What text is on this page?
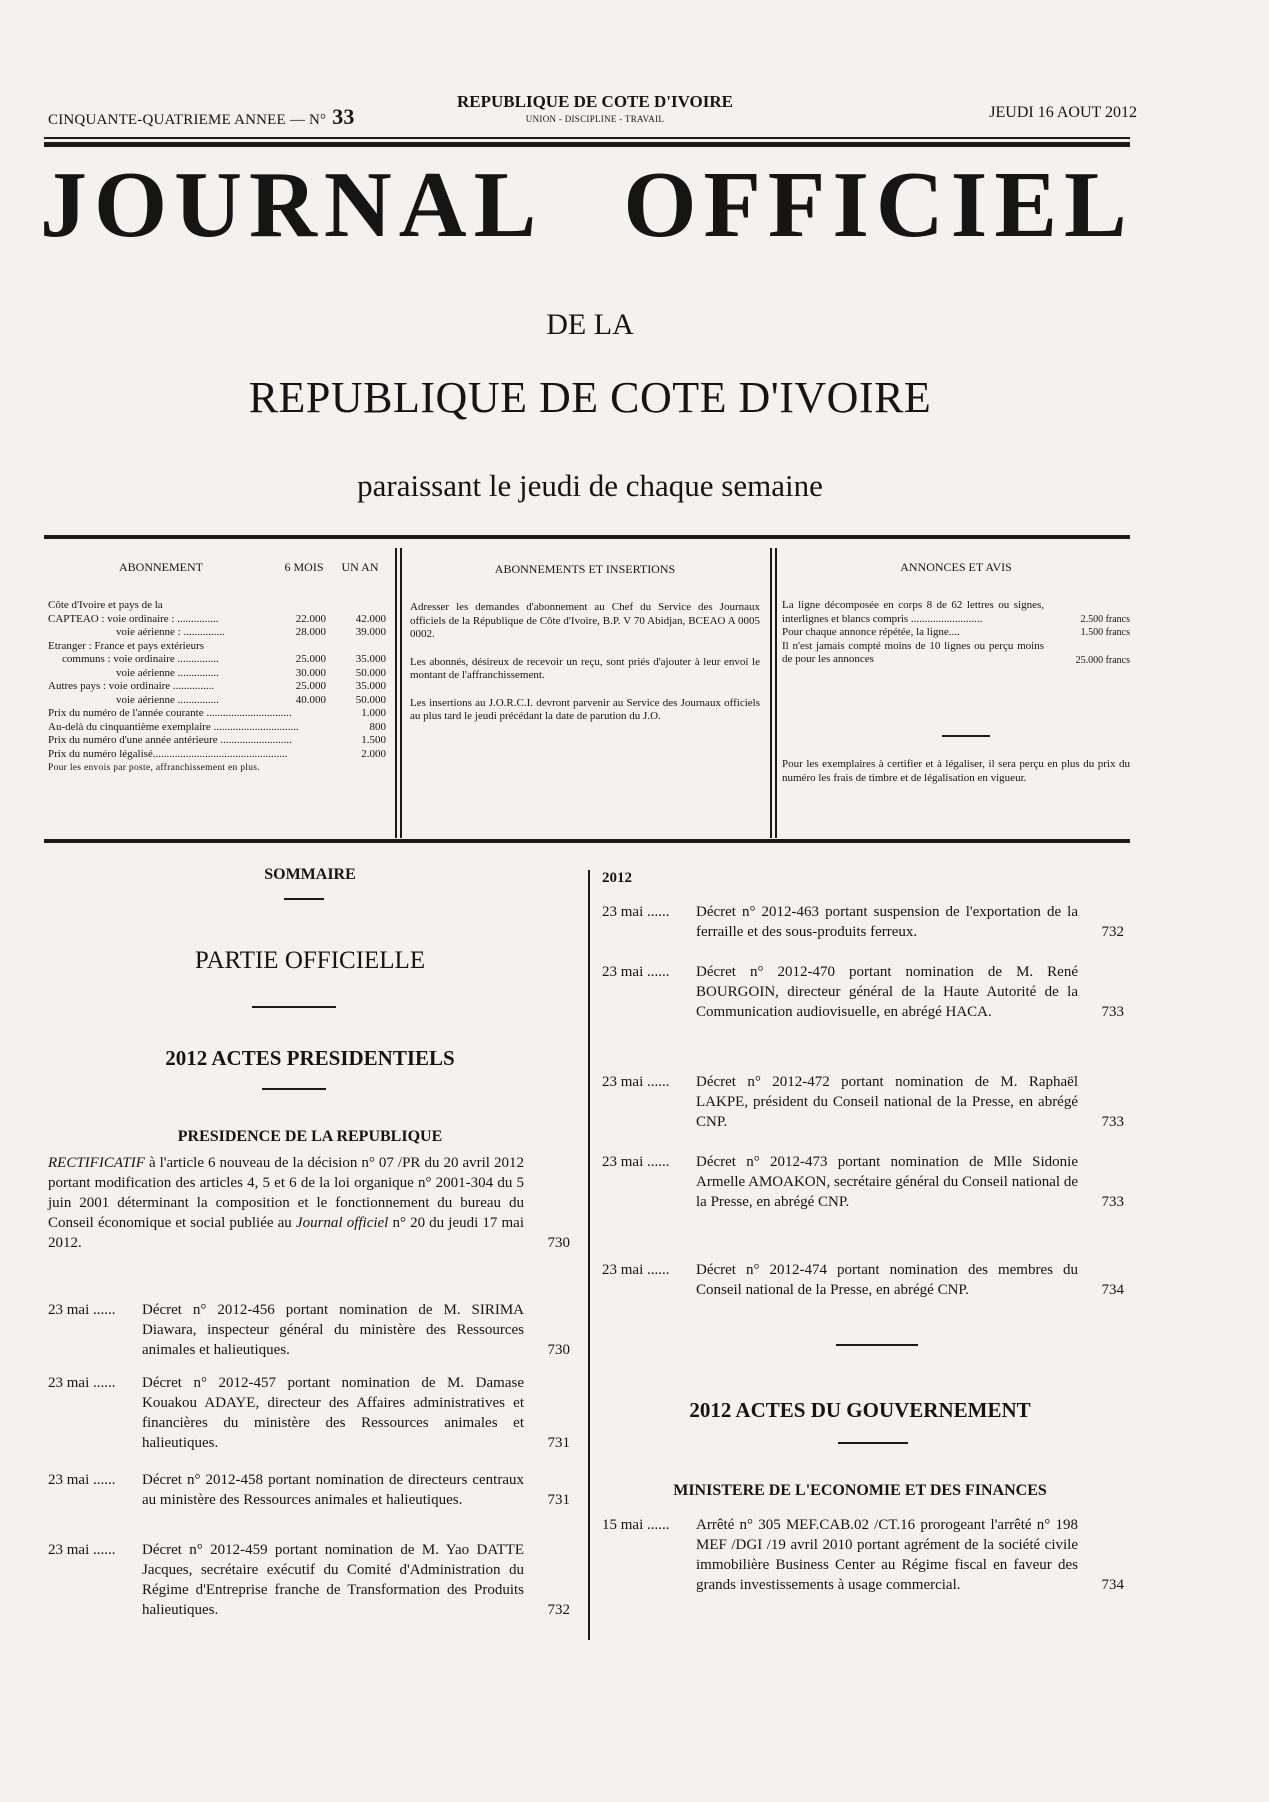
CINQUANTE-QUATRIEME ANNEE — N° 33
REPUBLIQUE DE COTE D'IVOIRE
UNION - DISCIPLINE - TRAVAIL	JEUDI 16 AOUT 2012
JOURNAL OFFICIEL
DE LA
REPUBLIQUE DE COTE D'IVOIRE
paraissant le jeudi de chaque semaine
ABONNEMENT	6 MOIS	UN AN
Côte d'Ivoire et pays de la
CAPTEAO : voie ordinaire : ...............	22.000	42.000
voie aérienne : ...............	28.000	39.000
Etranger : France et pays extérieurs
communs : voie ordinaire ...............	25.000	35.000
voie aérienne ...............	30.000	50.000
Autres pays : voie ordinaire ...............	25.000	35.000
voie aérienne ...............	40.000	50.000
Prix du numéro de l'année courante ...............................	1.000
Au-delà du cinquantième exemplaire ...............................	800
Prix du numéro d'une année antérieure ..........................	1.500
Prix du numéro légalisé.................................................	2.000
Pour les envois par poste, affranchissement en plus.
ABONNEMENTS ET INSERTIONS
Adresser les demandes d'abonnement au Chef du Service des Journaux officiels de la République de Côte d'Ivoire, B.P. V 70 Abidjan, BCEAO A 0005 0002.
Les abonnés, désireux de recevoir un reçu, sont priés d'ajouter à leur envoi le montant de l'affranchissement.
Les insertions au J.O.R.C.I. devront parvenir au Service des Journaux officiels au plus tard le jeudi précédant la date de parution du J.O.
ANNONCES ET AVIS
La ligne décomposée en corps 8 de 62 lettres ou signes, interlignes et blancs compris ..........................	2.500 francs
Pour chaque annonce répétée, la ligne....	1.500 francs
Il n'est jamais compté moins de 10 lignes ou perçu moins de pour les annonces	25.000 francs
Pour les exemplaires à certifier et à légaliser, il sera perçu en plus du prix du numéro les frais de timbre et de légalisation en vigueur.
SOMMAIRE
PARTIE OFFICIELLE
2012 ACTES PRESIDENTIELS
PRESIDENCE DE LA REPUBLIQUE
RECTIFICATIF à l'article 6 nouveau de la décision n° 07 /PR du 20 avril 2012 portant modification des articles 4, 5 et 6 de la loi organique n° 2001-304 du 5 juin 2001 déterminant la composition et le fonctionnement du bureau du Conseil économique et social publiée au Journal officiel n° 20 du jeudi 17 mai 2012.	730
23 mai ......	Décret n° 2012-456 portant nomination de M. SIRIMA Diawara, inspecteur général du ministère des Ressources animales et halieutiques.	730
23 mai ......	Décret n° 2012-457 portant nomination de M. Damase Kouakou ADAYE, directeur des Affaires administratives et financières du ministère des Ressources animales et halieutiques.	731
23 mai ......	Décret n° 2012-458 portant nomination de directeurs centraux au ministère des Ressources animales et halieutiques.	731
23 mai ......	Décret n° 2012-459 portant nomination de M. Yao DATTE Jacques, secrétaire exécutif du Comité d'Administration du Régime d'Entreprise franche de Transformation des Produits halieutiques.	732
2012
23 mai ......	Décret n° 2012-463 portant suspension de l'exportation de la ferraille et des sous-produits ferreux.	732
23 mai ......	Décret n° 2012-470 portant nomination de M. René BOURGOIN, directeur général de la Haute Autorité de la Communication audiovisuelle, en abrégé HACA.	733
23 mai ......	Décret n° 2012-472 portant nomination de M. Raphaël LAKPE, président du Conseil national de la Presse, en abrégé CNP.	733
23 mai ......	Décret n° 2012-473 portant nomination de Mlle Sidonie Armelle AMOAKON, secrétaire général du Conseil national de la Presse, en abrégé CNP.	733
23 mai ......	Décret n° 2012-474 portant nomination des membres du Conseil national de la Presse, en abrégé CNP.	734
2012 ACTES DU GOUVERNEMENT
MINISTERE DE L'ECONOMIE ET DES FINANCES
15 mai ......	Arrêté n° 305 MEF.CAB.02 /CT.16 prorogeant l'arrêté n° 198 MEF /DGI /19 avril 2010 portant agrément de la société civile immobilière Business Center au Régime fiscal en faveur des grands investissements à usage commercial.	734
